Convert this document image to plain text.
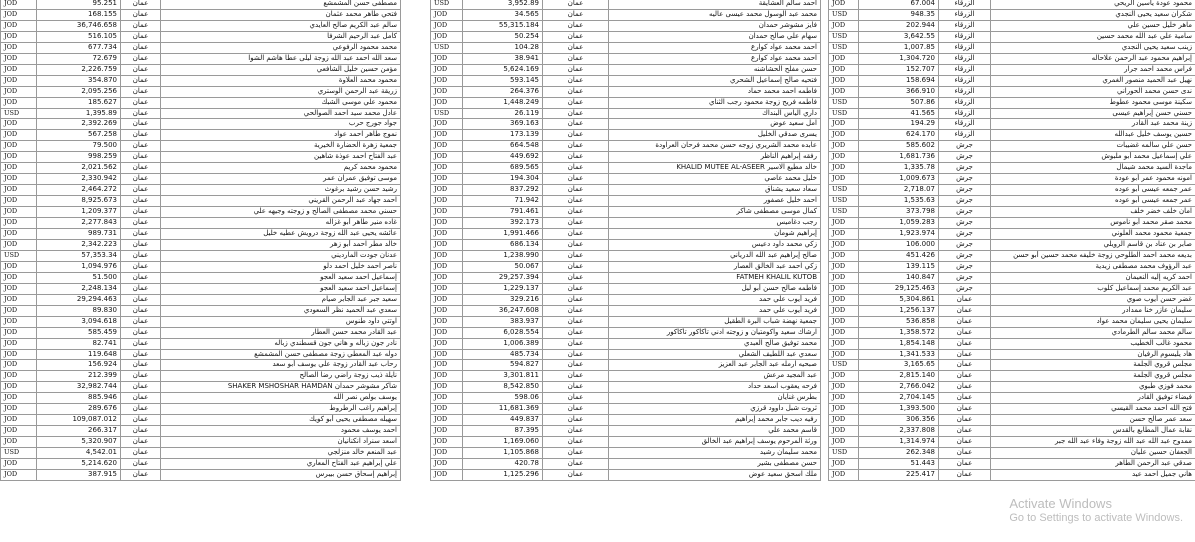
JOD	95.251	عمان	مصطفى حسن المشمشع
JOD	168.155	عمان	فتحي طاهر محمد عثمان
JOD	36,746.658	عمان	سالم عبد الكريم صالح العايدي
JOD	516.105	عمان	كامل عبد الرحيم الشرفا
JOD	677.734	عمان	محمد محمود الرفوعي
JOD	72.679	عمان	سعد الله احمد عبد الله زوجة ليلى عطا هاشم الشوا
JOD	2,226.759	عمان	مؤمن حسين خليل الشافعي
JOD	354.870	عمان	محمود محمد العلاوة
JOD	2,095.256	عمان	زريقة عبد الرحمن الوستري
JOD	185.627	عمان	محمود علي موسى الشبك
USD	1,395.89	عمان	عادل محمد سيد احمد الصوالحي
JOD	2,392.269	عمان	جواد جورج حرب
JOD	567.258	عمان	نموج طاهر احمد عواد
JOD	79.500	عمان	جمعية زهرة الحضارة الخيرية
JOD	998.259	عمان	عبد الفتاح احمد عوذة شاهين
JOD	2,021.562	عمان	محمود محمد كريم
JOD	2,330.942	عمان	موسى توفيق عمران عمر
JOD	2,464.272	عمان	رشيد حسن رشيد برغوث
JOD	8,925.673	عمان	احمد جهاد عبد الرحمن القريني
JOD	1,209.377	عمان	حسني محمد مصطفى الصالح و زوجته وجيهه علي
JOD	2,277.843	عمان	غاده منير طاهر أبو غزاله
JOD	989.731	عمان	عائشه يحيى عبد الله زوجة درويش عطيه خليل
JOD	2,342.223	عمان	خالد مطر احمد أبو زهر
USD	57,353.34	عمان	عدنان جودت المارديني
JOD	1,094.976	عمان	ناصر احمد خليل احمد دلو
JOD	51.500	عمان	إسماعيل احمد سعيد العجو
JOD	2,248.134	عمان	إسماعيل احمد سعيد العجو
JOD	29,294.463	عمان	سعيد جبر عبد الجابر صيام
JOD	89.830	عمان	سعدي عبد الحميد نظر السعودي
JOD	3,094.618	عمان	اوتتي داود طنوس
JOD	585.459	عمان	عبد القادر محمد حسن العطار
JOD	82.741	عمان	نادر جون زباله و هاني جون قسطندي زباله
JOD	119.648	عمان	دوله عبد المعطي زوجة مصطفى حسن المشمشع
JOD	156.924	عمان	رحاب عبد القادر زوجة علي يوسف أبو سعد
JOD	212.399	عمان	نايلة ذيب زوجة راضي رضا الصالح
JOD	32,982.744	عمان	شاكر مشوشر حمدان SHAKER MSHOSHAR HAMDAN
JOD	885.946	عمان	يوسف بولص نصر الله
JOD	289.676	عمان	إبراهيم راغب الرطروط
JOD	109,087.012	عمان	سهيله مصطفى يحيى أبو كويك
JOD	266.317	عمان	احمد يوسف محمود
JOD	5,320.907	عمان	اسعد سنراد انكنانيان
USD	4,542.01	عمان	عبد المنعم خالد منزلجي
JOD	5,214.620	عمان	علي إبراهيم عبد الفتاح المعاري
JOD	387.915	عمان	إبراهيم إسحاق حسن بيبرس
USD	3,952.89	عمان	احمد سالم العشايقة
JOD	34.565	عمان	محمد عبد الوسول محمد عيسى عاليه
JOD	55,315.184	عمان	فايز مشوشر حمدان
JOD	50.254	عمان	سهام علي صالح حمدان
USD	104.28	عمان	احمد محمد عواد كوارع
JOD	38.941	عمان	احمد محمد عواد كوارع
JOD	5,624.169	عمان	حسن مفلح الحشاشنه
JOD	593.145	عمان	فتحيه صالح إسماعيل الشحري
JOD	264.376	عمان	فاطمه احمد محمد حماد
JOD	1,448.249	عمان	فاطمه فريح زوجة محمود رجب الثناي
USD	26.119	عمان	داري الياس البنداك
JOD	369.163	عمان	امل سعيد عوض
JOD	173.139	عمان	يسرى صدقي الخليل
JOD	664.548	عمان	عابده محمد الشريري زوجه حسن محمد فرحان العراودة
JOD	449.692	عمان	رفقه إبراهيم الناظر
JOD	689.565	عمان	خالد مطيع الاسير KHALID MUTEE AL-ASEER
JOD	194.304	عمان	خليل محمد عاصي
JOD	837.292	عمان	سعاد سعيد يشناق
JOD	71.942	عمان	احمد خليل عصفور
JOD	791.461	عمان	كمال موسى مصطفى شاكر
JOD	392.173	عمان	رجب دغاميس
JOD	1,991.466	عمان	إبراهيم شومان
JOD	686.134	عمان	زكي محمد داود دعيس
JOD	1,238.990	عمان	صالح إبراهيم عبد الله الدرياني
JOD	50.067	عمان	زكي احمد عبد الخالق العصار
JOD	29,257.394	عمان	FATMEH KHALIL KUTOB
JOD	1,229.137	عمان	فاطمه صالح حسن أبو ليل
JOD	329.216	عمان	فريد أيوب علي حمد
JOD	36,247.608	عمان	فريد أيوب علي حمد
JOD	383.937	عمان	جمعية نهضة شباب البرة الطقيل
JOD	6,028.554	عمان	ارشاك سعيد واكومتيان و زوجته ادني تاكاكور تاكاكور
JOD	1,006.389	عمان	محمد توفيق صالح العبدي
JOD	485.734	عمان	سعدي عبد اللطيف الشعلي
JOD	594.827	عمان	صبحيه ارمله عبد الجابر عبد العزيز
JOD	3,301.811	عمان	عبد المجيد مرعش
JOD	8,542.850	عمان	فرحه يعقوب اسعد حداد
JOD	598.06	عمان	بطرس غنايان
JOD	11,681.369	عمان	ثروت شبل داوود قرزي
JOD	449.837	عمان	رفيه ديب جابر محمد إبراهيم
JOD	87.395	عمان	قاسم محمد علي
JOD	1,169.060	عمان	ورثة المرحوم يوسف إبراهيم عبد الخالق
JOD	1,105.868	عمان	محمد سليمان رشيد
JOD	420.78	عمان	حسن مصطفى بشير
JOD	1,125.296	عمان	ملك اسحق سعيد عوض
JOD	67.004	الزرقاء	محمود عودة ياسين الريحي
USD	948.35	الزرقاء	شكران سعيد يحيى النجدي
JOD	202.944	الزرقاء	ماهر خليل حسين علي
USD	3,642.55	الزرقاء	سامية علي عبد الله محمد حسين
USD	1,007.85	الزرقاء	زينب سعيد يحيى النجدي
JOD	1,304.720	الزرقاء	إبراهيم محمود عبد الرحمن علاحاله
JOD	152.707	الزرقاء	فراس محمد احمد جرار
JOD	158.694	الزرقاء	نهيل عبد الحميد منصور الغمري
JOD	366.910	الزرقاء	ندى حسن محمد الحوراني
USD	507.86	الزرقاء	سكينة موسى محمود عطوط
USD	41.565	الزرقاء	حسني حسن إبراهيم عيسى
JOD	194.29	الزرقاء	زينة محمد عبد القادر
JOD	624.170	الزرقاء	حسين يوسف خليل عبدالله
JOD	585.602	جرش	حسن علي سالمه غضيبات
JOD	1,681.736	جرش	علي إسماعيل محمد أبو ملبوش
JOD	1,335.78	جرش	ماجدة السيد محمد شيمال
JOD	1,009.673	جرش	امونه محمود عمر أبو عودة
USD	2,718.07	جرش	عمر جمعه عيسى أبو عوده
USD	1,535.63	جرش	عمر جمعه عيسى أبو عوده
USD	373.798	جرش	امان خلف خضر خلف
JOD	1,059.283	جرش	محمد صقر محمد أبو ناموس
JOD	1,923.974	جرش	جمعية محمود محمد العلوني
JOD	106.000	جرش	صابر بن عناد بن قاسم الرويلي
JOD	451.426	جرش	بديعه محمد احمد الطلوحي زوجة خليفه محمد حسين أبو حسن
JOD	139.115	جرش	عبد الرؤوف محمد مصطفى زيدية
JOD	140.847	جرش	احمد كريه إليه النعيمان
JOD	29,125.463	جرش	عبد الكريم محمد إسماعيل كلوب
JOD	5,304.861	عمان	غضر حسن أيوب صوي
JOD	1,256.137	عمان	سليمان عازر خنا ممدادر
JOD	536.858	عمان	سليمان يحيى سليمان محمد عواد
JOD	1,358.572	عمان	سالم محمد سالم الطرمادي
JOD	1,854.148	عمان	محمود غالب الخطيب
JOD	1,341.533	عمان	هاد يليسوم الرفيان
USD	3,165.65	عمان	مجلس قروي الجلمة
JOD	2,815.140	عمان	مجلس قروي الجلمة
JOD	2,766.042	عمان	محمد فوزي طبوي
JOD	2,704.145	عمان	فيضاء توفيق القادر
JOD	1,393.500	عمان	فتح الله احمد محمد القيسي
JOD	306.356	عمان	سعد عمر صالح حسن
JOD	2,337.808	عمان	نقابة عمال المطابع بالقدس
JOD	1,314.974	عمان	ممدوح عبد الله عبد الله زوجة وفاء عبد الله جبر
USD	262.348	عمان	الجعفان حسين عليان
JOD	51.443	عمان	صدقي عبد الرحمن الطاهر
JOD	225.417	عمان	هاني جميل احمد عيد
Activate Windows
Go to Settings to activate Windows.
